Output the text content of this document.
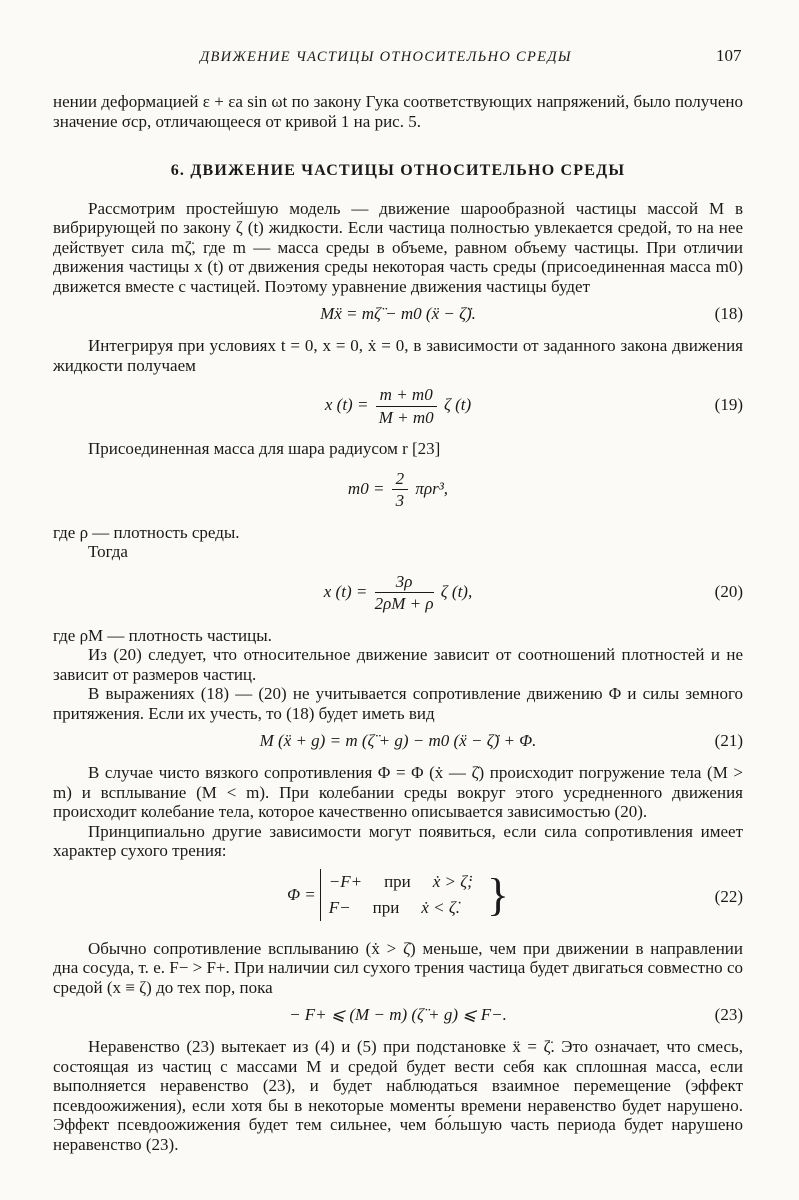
ДВИЖЕНИЕ ЧАСТИЦЫ ОТНОСИТЕЛЬНО СРЕДЫ	107

нении деформацией ε + εa sin ωt по закону Гука соответствующих напряжений, было получено значение σср, отличающееся от кривой 1 на рис. 5.

6. ДВИЖЕНИЕ ЧАСТИЦЫ ОТНОСИТЕЛЬНО СРЕДЫ

Рассмотрим простейшую модель — движение шарообразной частицы массой M в вибрирующей по закону ζ (t) жидкости. Если частица полностью увлекается средой, то на нее действует сила mζ̈, где m — масса среды в объеме, равном объему частицы. При отличии движения частицы x (t) от движения среды некоторая часть среды (присоединенная масса m0) движется вместе с частицей. Поэтому уравнение движения частицы будет

Mẍ = mζ̈ − m0 (ẍ − ζ̈).	(18)

Интегрируя при условиях t = 0, x = 0, ẋ = 0, в зависимости от заданного закона движения жидкости получаем

x $(t) = \frac{m + m0}{M + m0}$ ζ (t)	(19)

Присоединенная масса для шара радиусом r [23]

$m0 = \frac{2}{3} \pi\rho r^3$,

где ρ — плотность среды.

Тогда

x $(t) = \frac{3\rho}{2\rho M + \rho}$ ζ (t),	(20)

где ρM — плотность частицы.

Из (20) следует, что относительное движение зависит от соотношений плотностей и не зависит от размеров частиц.

В выражениях (18) — (20) не учитывается сопротивление движению Φ и силы земного притяжения. Если их учесть, то (18) будет иметь вид

M (ẍ + g) = m (ζ̈ + g) − m0 (ẍ − ζ̈) + Φ.	(21)

В случае чисто вязкого сопротивления Φ = Φ (ẋ — ζ̇) происходит погружение тела (M > m) и всплывание (M < m). При колебании среды вокруг этого усредненного движения происходит колебание тела, которое качественно описывается зависимостью (20).

Принципиально другие зависимости могут появиться, если сила сопротивления имеет характер сухого трения:

Φ =
−F+ при ẋ > ζ̇;
F− при ẋ < ζ̇. }	(22)

Обычно сопротивление всплыванию (ẋ > ζ̇) меньше, чем при движении в направлении дна сосуда, т. е. F− > F+. При наличии сил сухого трения частица будет двигаться совместно со средой (x ≡ ζ) до тех пор, пока

− F+ ⩽ (M − m) (ζ̈ + g) ⩽ F−.	(23)

Неравенство (23) вытекает из (4) и (5) при подстановке ẍ = ζ̈. Это означает, что смесь, состоящая из частиц с массами M и средой будет вести себя как сплошная масса, если выполняется неравенство (23), и будет наблюдаться взаимное перемещение (эффект псевдоожижения), если хотя бы в некоторые моменты времени неравенство будет нарушено. Эффект псевдоожижения будет тем сильнее, чем бо́льшую часть периода будет нарушено неравенство (23).
